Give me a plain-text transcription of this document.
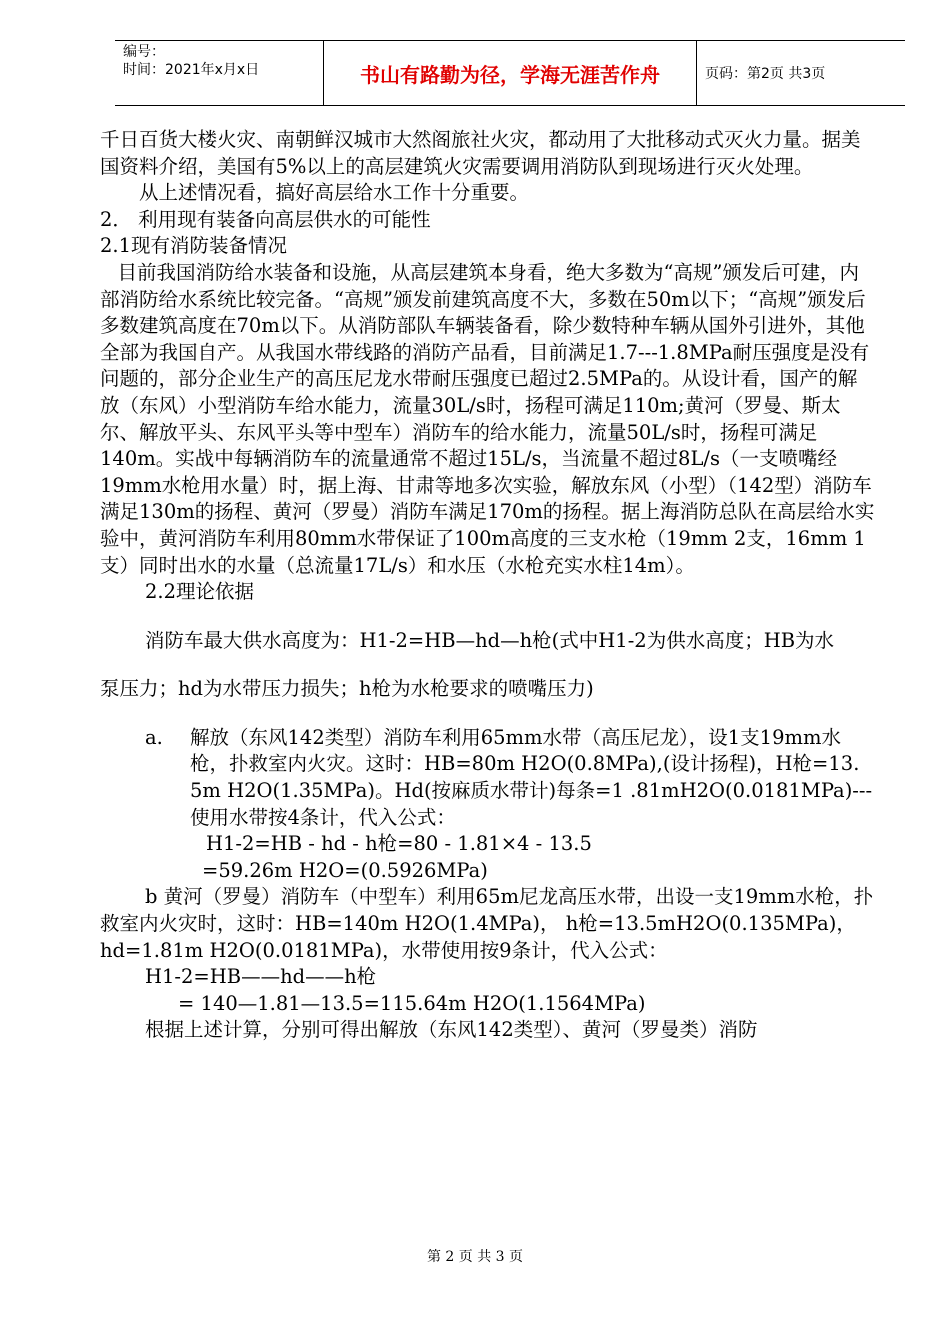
编号：
时间：2021年x月x日	书山有路勤为径，学海无涯苦作舟	页码：第2页 共3页

千日百货大楼火灾、南朝鲜汉城市大然阁旅社火灾，都动用了大批移动式灭火力量。据美国资料介绍，美国有5%以上的高层建筑火灾需要调用消防队到现场进行灭火处理。

从上述情况看，搞好高层给水工作十分重要。

2． 利用现有装备向高层供水的可能性

2.1现有消防装备情况

目前我国消防给水装备和设施，从高层建筑本身看，绝大多数为“高规”颁发后可建，内部消防给水系统比较完备。“高规”颁发前建筑高度不大，多数在50m以下；“高规”颁发后多数建筑高度在70m以下。从消防部队车辆装备看，除少数特种车辆从国外引进外，其他全部为我国自产。从我国水带线路的消防产品看，目前满足1.7---1.8MPa耐压强度是没有问题的，部分企业生产的高压尼龙水带耐压强度已超过2.5MPa的。从设计看，国产的解放（东风）小型消防车给水能力，流量30L/s时，扬程可满足110m;黄河（罗曼、斯太尔、解放平头、东风平头等中型车）消防车的给水能力，流量50L/s时，扬程可满足140m。实战中每辆消防车的流量通常不超过15L/s，当流量不超过8L/s（一支喷嘴经19mm水枪用水量）时，据上海、甘肃等地多次实验，解放东风（小型）（142型）消防车满足130m的扬程、黄河（罗曼）消防车满足170m的扬程。据上海消防总队在高层给水实验中，黄河消防车利用80mm水带保证了100m高度的三支水枪（19mm 2支，16mm 1支）同时出水的水量（总流量17L/s）和水压（水枪充实水柱14m）。

2.2理论依据

消防车最大供水高度为：H1-2=HB—hd—h枪(式中H1-2为供水高度；HB为水

泵压力；hd为水带压力损失；h枪为水枪要求的喷嘴压力)

a. 解放（东风142类型）消防车利用65mm水带（高压尼龙），设1支19mm水枪，扑救室内火灾。这时：HB=80m H2O(0.8MPa),(设计扬程)，H枪=13. 5m H2O(1.35MPa)。Hd(按麻质水带计)每条=1 .81mH2O(0.0181MPa)---使用水带按4条计，代入公式：

H1-2=HB - hd - h枪=80 - 1.81×4 - 13.5

=59.26m H2O=(0.5926MPa)

b 黄河（罗曼）消防车（中型车）利用65m尼龙高压水带，出设一支19mm水枪，扑救室内火灾时，这时：HB=140m H2O(1.4MPa)， h枪=13.5mH2O(0.135MPa)，hd=1.81m H2O(0.0181MPa)，水带使用按9条计，代入公式：

H1-2=HB——hd——h枪

= 140—1.81—13.5=115.64m H2O(1.1564MPa)

根据上述计算，分别可得出解放（东风142类型）、黄河（罗曼类）消防

第 2 页 共 3 页
